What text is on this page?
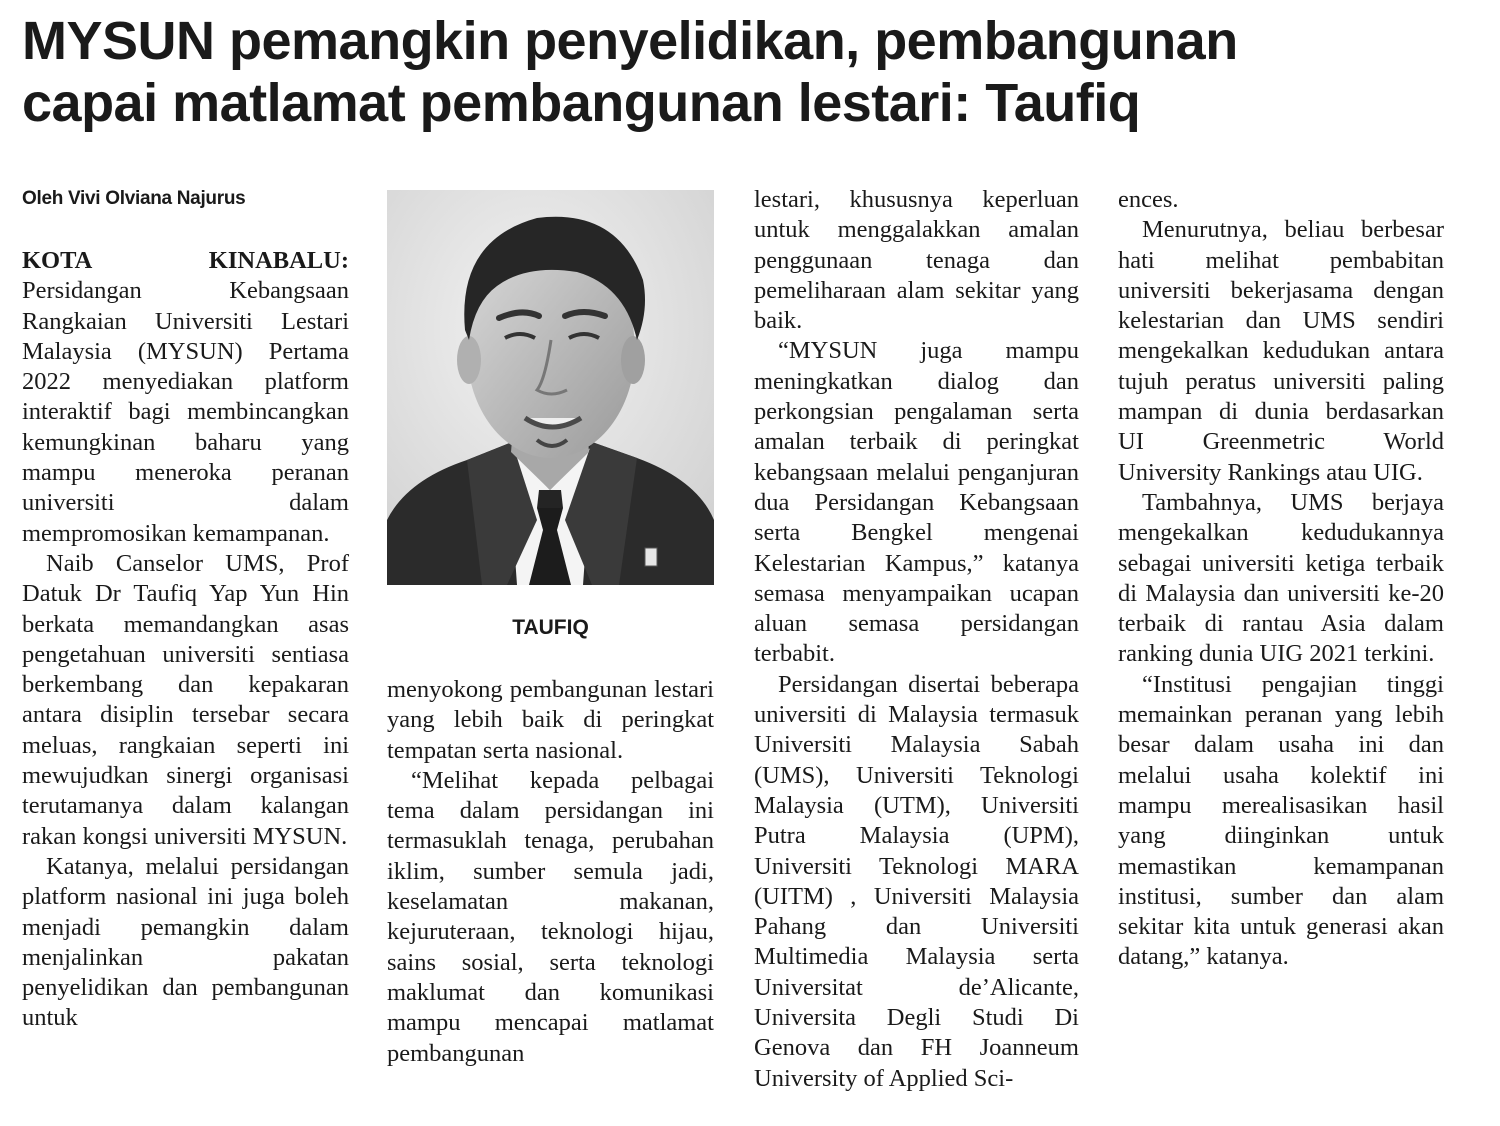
MYSUN pemangkin penyelidikan, pembangunan
capai matlamat pembangunan lestari: Taufiq
Oleh Vivi Olviana Najurus

KOTA KINABALU: Persidangan Kebangsaan Rangkaian Universiti Lestari Malaysia (MYSUN) Pertama 2022 menyediakan platform interaktif bagi membincangkan kemungkinan baharu yang mampu meneroka peranan universiti dalam mempromosikan kemampanan.

Naib Canselor UMS, Prof Datuk Dr Taufiq Yap Yun Hin berkata memandangkan asas pengetahuan universiti sentiasa berkembang dan kepakaran antara disiplin tersebar secara meluas, rangkaian seperti ini mewujudkan sinergi organisasi terutamanya dalam kalangan rakan kongsi universiti MYSUN.

Katanya, melalui persidangan platform nasional ini juga boleh menjadi pemangkin dalam menjalinkan pakatan penyelidikan dan pembangunan untuk

TAUFIQ

menyokong pembangunan lestari yang lebih baik di peringkat tempatan serta nasional.

“Melihat kepada pelbagai tema dalam persidangan ini termasuklah tenaga, perubahan iklim, sumber semula jadi, keselamatan makanan, kejuruteraan, teknologi hijau, sains sosial, serta teknologi maklumat dan komunikasi mampu mencapai matlamat pembangunan

lestari, khususnya keperluan untuk menggalakkan amalan penggunaan tenaga dan pemeliharaan alam sekitar yang baik.

“MYSUN juga mampu meningkatkan dialog dan perkongsian pengalaman serta amalan terbaik di peringkat kebangsaan melalui penganjuran dua Persidangan Kebangsaan serta Bengkel mengenai Kelestarian Kampus,” katanya semasa menyampaikan ucapan aluan semasa persidangan terbabit.

Persidangan disertai beberapa universiti di Malaysia termasuk Universiti Malaysia Sabah (UMS), Universiti Teknologi Malaysia (UTM), Universiti Putra Malaysia (UPM), Universiti Teknologi MARA (UITM) , Universiti Malaysia Pahang dan Universiti Multimedia Malaysia serta Universitat de’Alicante, Universita Degli Studi Di Genova dan FH Joanneum University of Applied Sci-

ences.

Menurutnya, beliau berbesar hati melihat pembabitan universiti bekerjasama dengan kelestarian dan UMS sendiri mengekalkan kedudukan antara tujuh peratus universiti paling mampan di dunia berdasarkan UI Greenmetric World University Rankings atau UIG.

Tambahnya, UMS berjaya mengekalkan kedudukannya sebagai universiti ketiga terbaik di Malaysia dan universiti ke-20 terbaik di rantau Asia dalam ranking dunia UIG 2021 terkini.

“Institusi pengajian tinggi memainkan peranan yang lebih besar dalam usaha ini dan melalui usaha kolektif ini mampu merealisasikan hasil yang diinginkan untuk memastikan kemampanan institusi, sumber dan alam sekitar kita untuk generasi akan datang,” katanya.
